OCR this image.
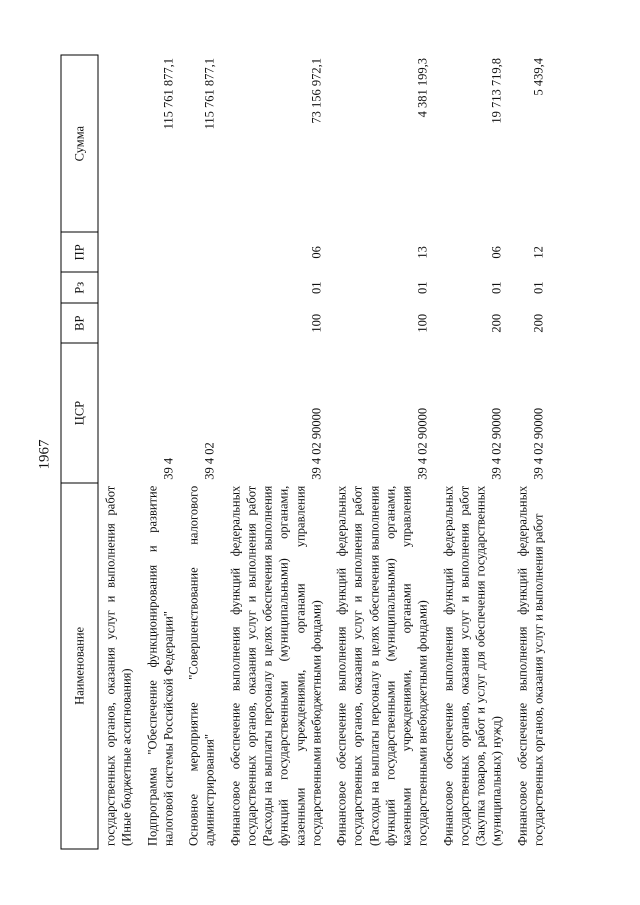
1967
Наименование	ЦСР	ВР	Рз	ПР	Сумма
государственных органов, оказания услуг и выполнения работ (Иные бюджетные ассигнования)					
Подпрограмма "Обеспечение функционирования и развитие налоговой системы Российской Федерации"	39 4				115 761 877,1
Основное мероприятие "Совершенствование налогового администрирования"	39 4 02				115 761 877,1
Финансовое обеспечение выполнения функций федеральных государственных органов, оказания услуг и выполнения работ (Расходы на выплаты персоналу в целях обеспечения выполнения функций государственными (муниципальными) органами, казенными учреждениями, органами управления государственными внебюджетными фондами)	39 4 02 90000	100	01	06	73 156 972,1
Финансовое обеспечение выполнения функций федеральных государственных органов, оказания услуг и выполнения работ (Расходы на выплаты персоналу в целях обеспечения выполнения функций государственными (муниципальными) органами, казенными учреждениями, органами управления государственными внебюджетными фондами)	39 4 02 90000	100	01	13	4 381 199,3
Финансовое обеспечение выполнения функций федеральных государственных органов, оказания услуг и выполнения работ (Закупка товаров, работ и услуг для обеспечения государственных (муниципальных) нужд)	39 4 02 90000	200	01	06	19 713 719,8
Финансовое обеспечение выполнения функций федеральных государственных органов, оказания услуг и выполнения работ	39 4 02 90000	200	01	12	5 439,4
